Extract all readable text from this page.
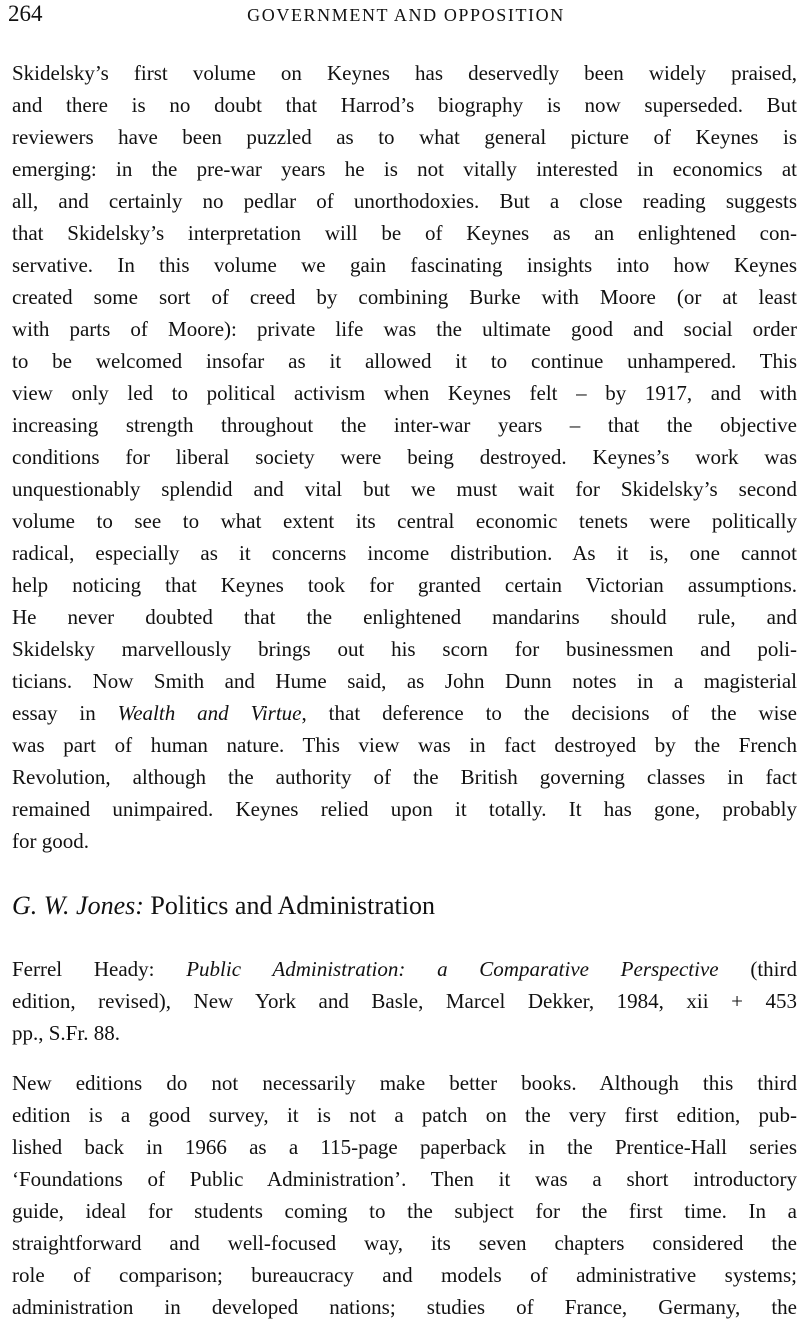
264	GOVERNMENT AND OPPOSITION
Skidelsky’s first volume on Keynes has deservedly been widely praised,
and there is no doubt that Harrod’s biography is now superseded. But
reviewers have been puzzled as to what general picture of Keynes is
emerging: in the pre-war years he is not vitally interested in economics at
all, and certainly no pedlar of unorthodoxies. But a close reading suggests
that Skidelsky’s interpretation will be of Keynes as an enlightened con-
servative. In this volume we gain fascinating insights into how Keynes
created some sort of creed by combining Burke with Moore (or at least
with parts of Moore): private life was the ultimate good and social order
to be welcomed insofar as it allowed it to continue unhampered. This
view only led to political activism when Keynes felt – by 1917, and with
increasing strength throughout the inter-war years – that the objective
conditions for liberal society were being destroyed. Keynes’s work was
unquestionably splendid and vital but we must wait for Skidelsky’s second
volume to see to what extent its central economic tenets were politically
radical, especially as it concerns income distribution. As it is, one cannot
help noticing that Keynes took for granted certain Victorian assumptions.
He never doubted that the enlightened mandarins should rule, and
Skidelsky marvellously brings out his scorn for businessmen and poli-
ticians. Now Smith and Hume said, as John Dunn notes in a magisterial
essay in Wealth and Virtue, that deference to the decisions of the wise
was part of human nature. This view was in fact destroyed by the French
Revolution, although the authority of the British governing classes in fact
remained unimpaired. Keynes relied upon it totally. It has gone, probably
for good.
G. W. Jones: Politics and Administration
Ferrel Heady: Public Administration: a Comparative Perspective (third
edition, revised), New York and Basle, Marcel Dekker, 1984, xii + 453
pp., S.Fr. 88.
New editions do not necessarily make better books. Although this third
edition is a good survey, it is not a patch on the very first edition, pub-
lished back in 1966 as a 115-page paperback in the Prentice-Hall series
‘Foundations of Public Administration’. Then it was a short introductory
guide, ideal for students coming to the subject for the first time. In a
straightforward and well-focused way, its seven chapters considered the
role of comparison; bureaucracy and models of administrative systems;
administration in developed nations; studies of France, Germany, the
